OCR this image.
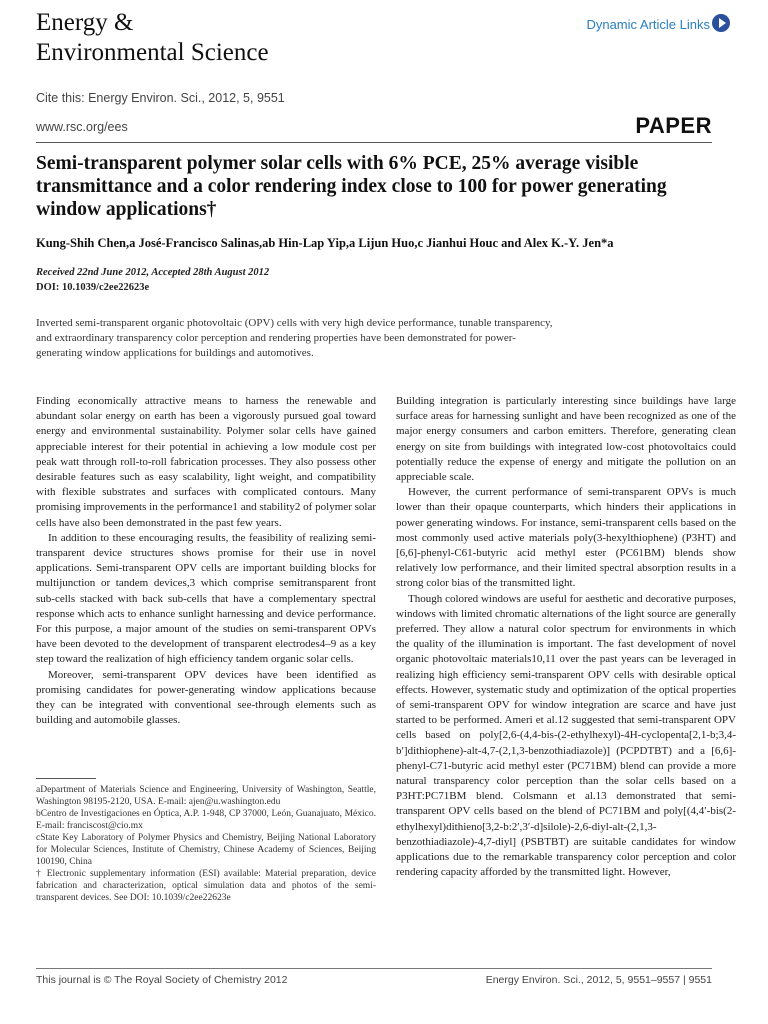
Energy &
Environmental Science
Dynamic Article Links
Cite this: Energy Environ. Sci., 2012, 5, 9551
www.rsc.org/ees	PAPER
Semi-transparent polymer solar cells with 6% PCE, 25% average visible transmittance and a color rendering index close to 100 for power generating window applications†
Kung-Shih Chen,a José-Francisco Salinas,ab Hin-Lap Yip,a Lijun Huo,c Jianhui Houc and Alex K.-Y. Jen*a
Received 22nd June 2012, Accepted 28th August 2012
DOI: 10.1039/c2ee22623e
Inverted semi-transparent organic photovoltaic (OPV) cells with very high device performance, tunable transparency, and extraordinary transparency color perception and rendering properties have been demonstrated for power-generating window applications for buildings and automotives.

Finding economically attractive means to harness the renewable and abundant solar energy on earth has been a vigorously pursued goal toward energy and environmental sustainability. Polymer solar cells have gained appreciable interest for their potential in achieving a low module cost per peak watt through roll-to-roll fabrication processes. They also possess other desirable features such as easy scalability, light weight, and compatibility with flexible substrates and surfaces with complicated contours. Many promising improvements in the performance1 and stability2 of polymer solar cells have also been demonstrated in the past few years.

In addition to these encouraging results, the feasibility of realizing semi-transparent device structures shows promise for their use in novel applications. Semi-transparent OPV cells are important building blocks for multijunction or tandem devices,3 which comprise semitransparent front sub-cells stacked with back sub-cells that have a complementary spectral response which acts to enhance sunlight harnessing and device performance. For this purpose, a major amount of the studies on semi-transparent OPVs have been devoted to the development of transparent electrodes4–9 as a key step toward the realization of high efficiency tandem organic solar cells.

Moreover, semi-transparent OPV devices have been identified as promising candidates for power-generating window applications because they can be integrated with conventional see-through elements such as building and automobile glasses.

Building integration is particularly interesting since buildings have large surface areas for harnessing sunlight and have been recognized as one of the major energy consumers and carbon emitters. Therefore, generating clean energy on site from buildings with integrated low-cost photovoltaics could potentially reduce the expense of energy and mitigate the pollution on an appreciable scale.

However, the current performance of semi-transparent OPVs is much lower than their opaque counterparts, which hinders their applications in power generating windows. For instance, semi-transparent cells based on the most commonly used active materials poly(3-hexylthiophene) (P3HT) and [6,6]-phenyl-C61-butyric acid methyl ester (PC61BM) blends show relatively low performance, and their limited spectral absorption results in a strong color bias of the transmitted light.

Though colored windows are useful for aesthetic and decorative purposes, windows with limited chromatic alternations of the light source are generally preferred. They allow a natural color spectrum for environments in which the quality of the illumination is important. The fast development of novel organic photovoltaic materials10,11 over the past years can be leveraged in realizing high efficiency semi-transparent OPV cells with desirable optical effects. However, systematic study and optimization of the optical properties of semi-transparent OPV for window integration are scarce and have just started to be performed. Ameri et al.12 suggested that semi-transparent OPV cells based on poly[2,6-(4,4-bis-(2-ethylhexyl)-4H-cyclopenta[2,1-b;3,4-b′]dithiophene)-alt-4,7-(2,1,3-benzothiadiazole)] (PCPDTBT) and a [6,6]-phenyl-C71-butyric acid methyl ester (PC71BM) blend can provide a more natural transparency color perception than the solar cells based on a P3HT:PC71BM blend. Colsmann et al.13 demonstrated that semi-transparent OPV cells based on the blend of PC71BM and poly[(4,4′-bis(2-ethylhexyl)dithieno[3,2-b:2′,3′-d]silole)-2,6-diyl-alt-(2,1,3-benzothiadiazole)-4,7-diyl] (PSBTBT) are suitable candidates for window applications due to the remarkable transparency color perception and color rendering capacity afforded by the transmitted light. However,

aDepartment of Materials Science and Engineering, University of Washington, Seattle, Washington 98195-2120, USA. E-mail: ajen@u.washington.edu

bCentro de Investigaciones en Óptica, A.P. 1-948, CP 37000, León, Guanajuato, México. E-mail: franciscost@cio.mx

cState Key Laboratory of Polymer Physics and Chemistry, Beijing National Laboratory for Molecular Sciences, Institute of Chemistry, Chinese Academy of Sciences, Beijing 100190, China

† Electronic supplementary information (ESI) available: Material preparation, device fabrication and characterization, optical simulation data and photos of the semi-transparent devices. See DOI: 10.1039/c2ee22623e

This journal is © The Royal Society of Chemistry 2012	Energy Environ. Sci., 2012, 5, 9551–9557 | 9551
